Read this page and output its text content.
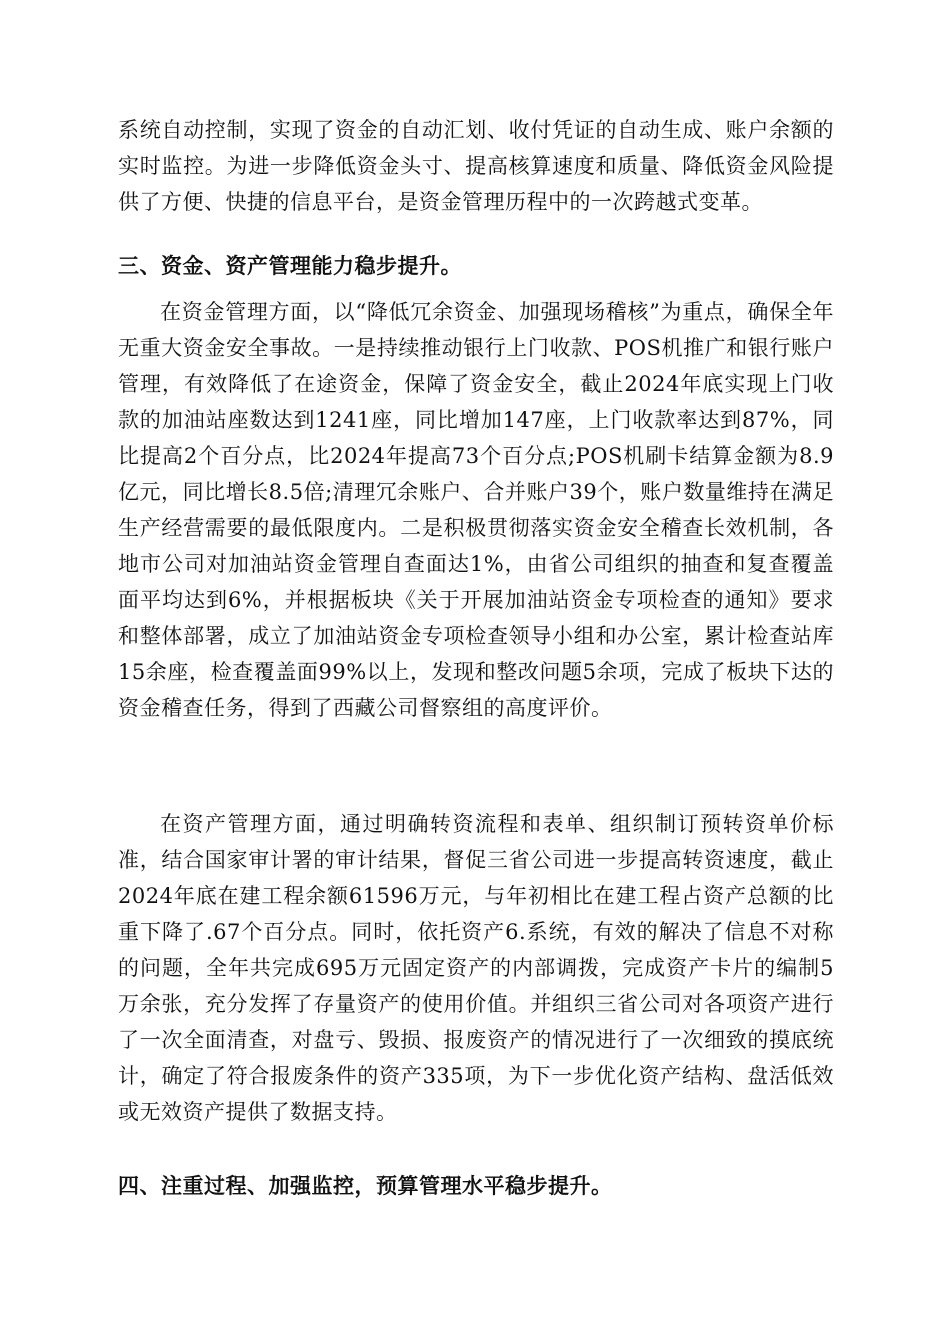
系统自动控制，实现了资金的自动汇划、收付凭证的自动生成、账户余额的实时监控。为进一步降低资金头寸、提高核算速度和质量、降低资金风险提供了方便、快捷的信息平台，是资金管理历程中的一次跨越式变革。

三、资金、资产管理能力稳步提升。

在资金管理方面，以“降低冗余资金、加强现场稽核”为重点，确保全年无重大资金安全事故。一是持续推动银行上门收款、POS机推广和银行账户管理，有效降低了在途资金，保障了资金安全，截止2024年底实现上门收款的加油站座数达到1241座，同比增加147座，上门收款率达到87%，同比提高2个百分点，比2024年提高73个百分点;POS机刷卡结算金额为8.9亿元，同比增长8.5倍;清理冗余账户、合并账户39个，账户数量维持在满足生产经营需要的最低限度内。二是积极贯彻落实资金安全稽查长效机制，各地市公司对加油站资金管理自查面达1%，由省公司组织的抽查和复查覆盖面平均达到6%，并根据板块《关于开展加油站资金专项检查的通知》要求和整体部署，成立了加油站资金专项检查领导小组和办公室，累计检查站库15余座，检查覆盖面99%以上，发现和整改问题5余项，完成了板块下达的资金稽查任务，得到了西藏公司督察组的高度评价。

在资产管理方面，通过明确转资流程和表单、组织制订预转资单价标准，结合国家审计署的审计结果，督促三省公司进一步提高转资速度，截止2024年底在建工程余额61596万元，与年初相比在建工程占资产总额的比重下降了.67个百分点。同时，依托资产6.系统，有效的解决了信息不对称的问题，全年共完成695万元固定资产的内部调拨，完成资产卡片的编制5万余张，充分发挥了存量资产的使用价值。并组织三省公司对各项资产进行了一次全面清查，对盘亏、毁损、报废资产的情况进行了一次细致的摸底统计，确定了符合报废条件的资产335项，为下一步优化资产结构、盘活低效或无效资产提供了数据支持。

四、注重过程、加强监控，预算管理水平稳步提升。
